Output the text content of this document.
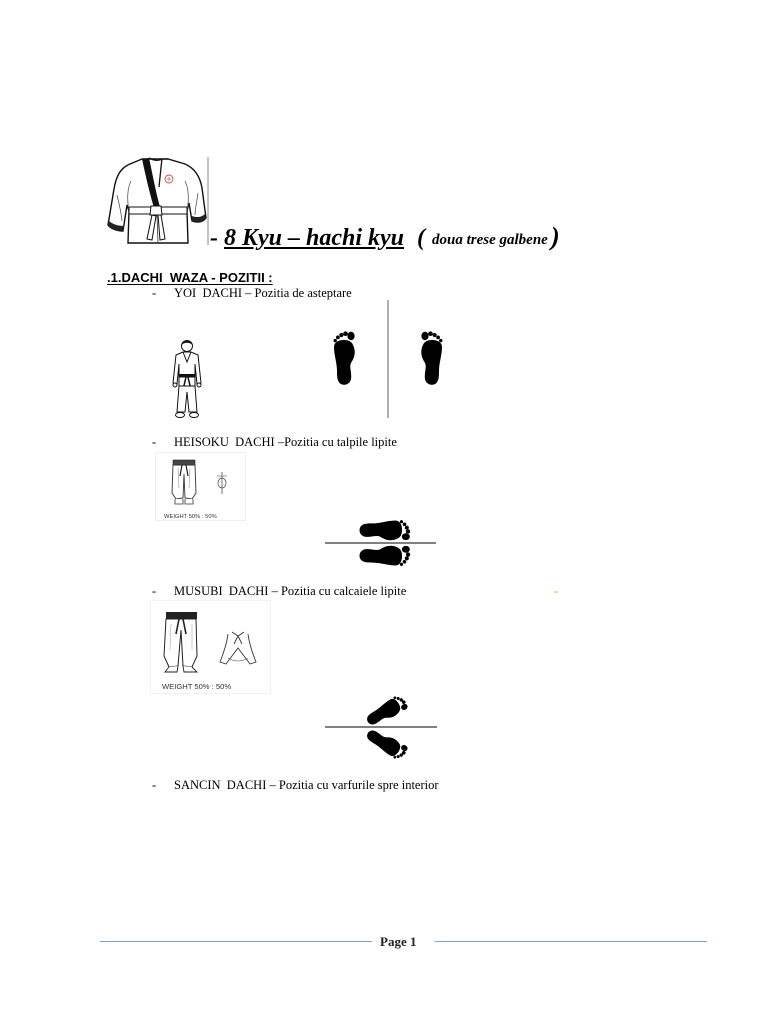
WEIGHT 50% : 50%
WEIGHT 50% : 50%
- 8 Kyu – hachi kyu ( doua trese galbene )
.1.DACHI  WAZA - POZITII :
- YOI  DACHI – Pozitia de asteptare
- HEISOKU  DACHI –Pozitia cu talpile lipite
- MUSUBI  DACHI – Pozitia cu calcaiele lipite	-
- SANCIN  DACHI – Pozitia cu varfurile spre interior
Page 1
